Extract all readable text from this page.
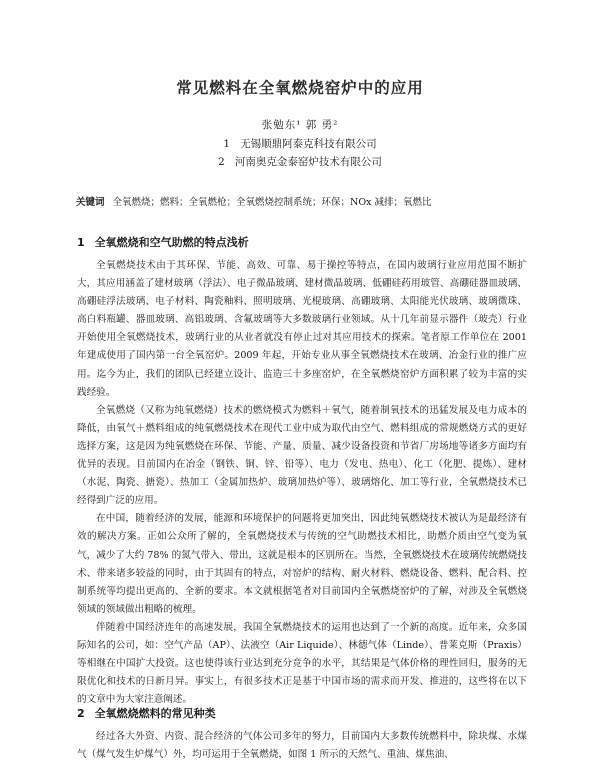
常见燃料在全氧燃烧窑炉中的应用
张勉东¹ 郭 勇²
1 无锡顺鼎阿泰克科技有限公司
2 河南奥克金泰窑炉技术有限公司
关键词 全氧燃烧；燃料；全氧燃枪；全氧燃烧控制系统；环保；NOx 减排；氧燃比
1 全氧燃烧和空气助燃的特点浅析

全氧燃烧技术由于其环保、节能、高效、可靠、易于操控等特点，在国内玻璃行业应用范围不断扩大，其应用涵盖了建材玻璃（浮法）、电子微晶玻璃、建材微晶玻璃、低硼硅药用玻管、高硼硅器皿玻璃、高硼硅浮法玻璃、电子材料、陶瓷釉料、照明玻璃、光棍玻璃、高硼玻璃、太阳能光伏玻璃、玻璃微珠、高白料瓶罐、器皿玻璃、高铝玻璃、含氟玻璃等大多数玻璃行业领域。从十几年前显示器件（玻壳）行业开始使用全氧燃烧技术，玻璃行业的从业者就没有停止过对其应用技术的探索。笔者原工作单位在 2001 年建成使用了国内第一台全氧窑炉。2009 年起，开始专业从事全氧燃烧技术在玻璃、冶金行业的推广应用。迄今为止，我们的团队已经建立设计、监造三十多座窑炉，在全氧燃烧窑炉方面积累了较为丰富的实践经验。

全氧燃烧（又称为纯氧燃烧）技术的燃烧模式为燃料＋氧气，随着制氧技术的迅猛发展及电力成本的降低，由氧气＋燃料组成的纯氧燃烧技术在现代工业中成为取代由空气、燃料组成的常规燃烧方式的更好选择方案，这是因为纯氧燃烧在环保、节能、产量、质量、减少设备投资和节省厂房场地等诸多方面均有优异的表现。目前国内在冶金（钢铁、铜、锌、铅等）、电力（发电、热电）、化工（化肥、提炼）、建材（水泥、陶瓷、搪瓷）、热加工（金属加热炉、玻璃加热炉等）、玻璃熔化、加工等行业，全氧燃烧技术已经得到广泛的应用。

在中国，随着经济的发展，能源和环境保护的问题将更加突出，因此纯氧燃烧技术被认为是最经济有效的解决方案。正如公众所了解的，全氧燃烧技术与传统的空气助燃技术相比，助燃介质由空气变为氧气，减少了大约 78% 的氮气带入、带出，这就是根本的区别所在。当然，全氧燃烧技术在玻璃传统燃烧技术、带来诸多较益的同时，由于其固有的特点，对窑炉的结构、耐火材料、燃烧设备、燃料、配合料、控制系统等均提出更高的、全新的要求。本文就根据笔者对目前国内全氧燃烧窑炉的了解，对涉及全氧燃烧领域的领域做出粗略的梳理。

伴随着中国经济连年的高速发展，我国全氧燃烧技术的运用也达到了一个新的高度。近年来，众多国际知名的公司，如：空气产品（AP）、法液空（Air Liquide）、林德气体（Linde）、普莱克斯（Praxis）等相继在中国扩大投资。这也使得该行业达到充分竞争的水平，其结果是气体价格的理性回归，服务的无限优化和技术的日新月异。事实上，有很多技术正是基于中国市场的需求而开发、推进的，这些将在以下的文章中为大家注意阐述。

2 全氧燃烧燃料的常见种类

经过各大外资、内资、混合经济的气体公司多年的努力，目前国内大多数传统燃料中，除块煤、水煤气（煤气发生炉煤气）外，均可运用于全氧燃烧，如图 1 所示的天然气、重油、煤焦油、
